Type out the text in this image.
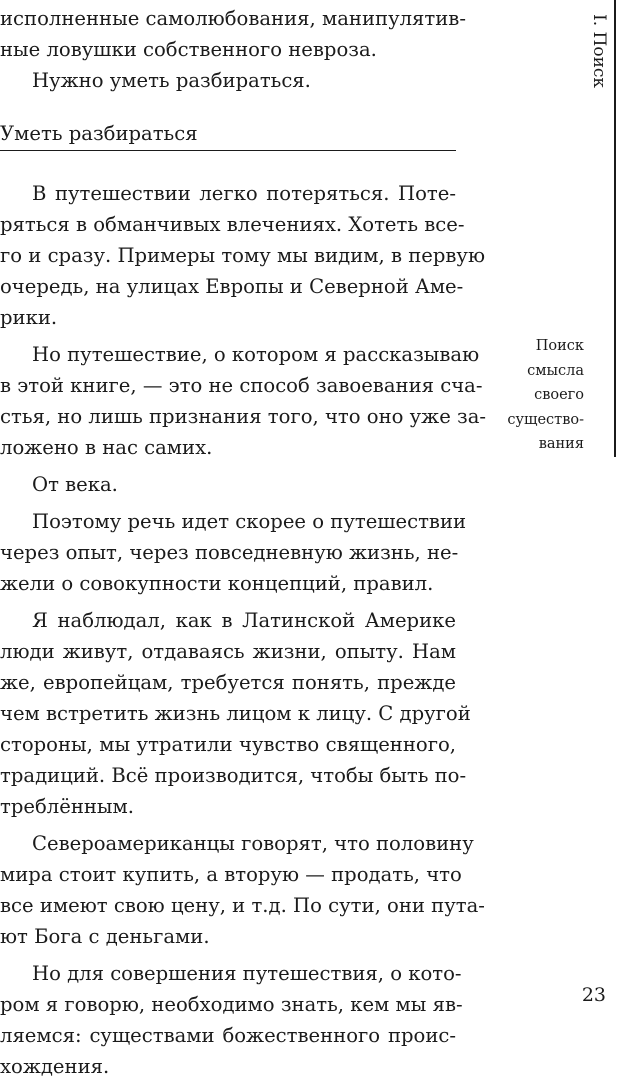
исполненные самолюбования, манипулятив-
ные ловушки собственного невроза.
Нужно уметь разбираться.
Уметь разбираться
В путешествии легко потеряться. Поте-
ряться в обманчивых влечениях. Хотеть все-
го и сразу. Примеры тому мы видим, в первую
очередь, на улицах Европы и Северной Аме-
рики.
Но путешествие, о котором я рассказываю
в этой книге, — это не способ завоевания сча-
стья, но лишь признания того, что оно уже за-
ложено в нас самих.
От века.
Поэтому речь идет скорее о путешествии
через опыт, через повседневную жизнь, не-
жели о совокупности концепций, правил.
Я наблюдал, как в Латинской Америке
люди живут, отдаваясь жизни, опыту. Нам
же, европейцам, требуется понять, прежде
чем встретить жизнь лицом к лицу. С другой
стороны, мы утратили чувство священного,
традиций. Всё производится, чтобы быть по-
треблённым.
Североамериканцы говорят, что половину
мира стоит купить, а вторую — продать, что
все имеют свою цену, и т.д. По сути, они пута-
ют Бога с деньгами.
Но для совершения путешествия, о кото-
ром я говорю, необходимо знать, кем мы яв-
ляемся: существами божественного проис-
хождения.
I. Поиск
Поиск
смысла
своего
существо-
вания
23
